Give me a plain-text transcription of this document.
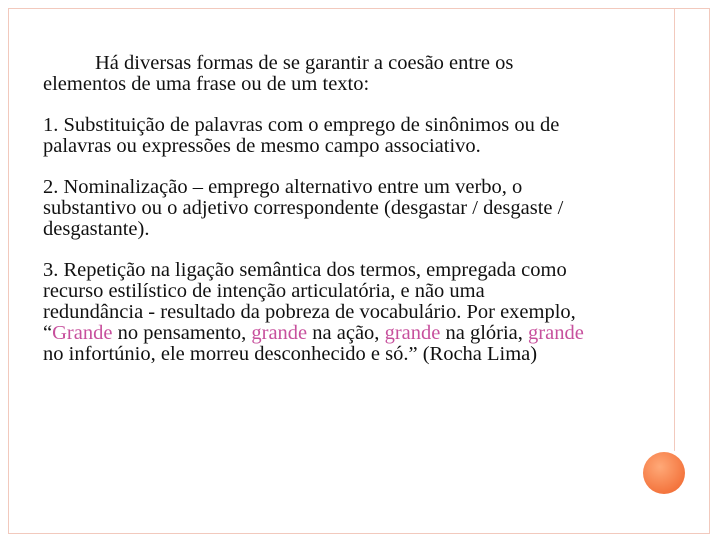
Há diversas formas de se garantir a coesão entre os
elementos de uma frase ou de um texto:
1. Substituição de palavras com o emprego de sinônimos ou de
palavras ou expressões de mesmo campo associativo.
2. Nominalização – emprego alternativo entre um verbo, o
substantivo ou o adjetivo correspondente (desgastar / desgaste /
desgastante).
3. Repetição na ligação semântica dos termos, empregada como
recurso estilístico de intenção articulatória, e não uma
redundância - resultado da pobreza de vocabulário. Por exemplo,
“Grande no pensamento, grande na ação, grande na glória, grande
no infortúnio, ele morreu desconhecido e só.” (Rocha Lima)
